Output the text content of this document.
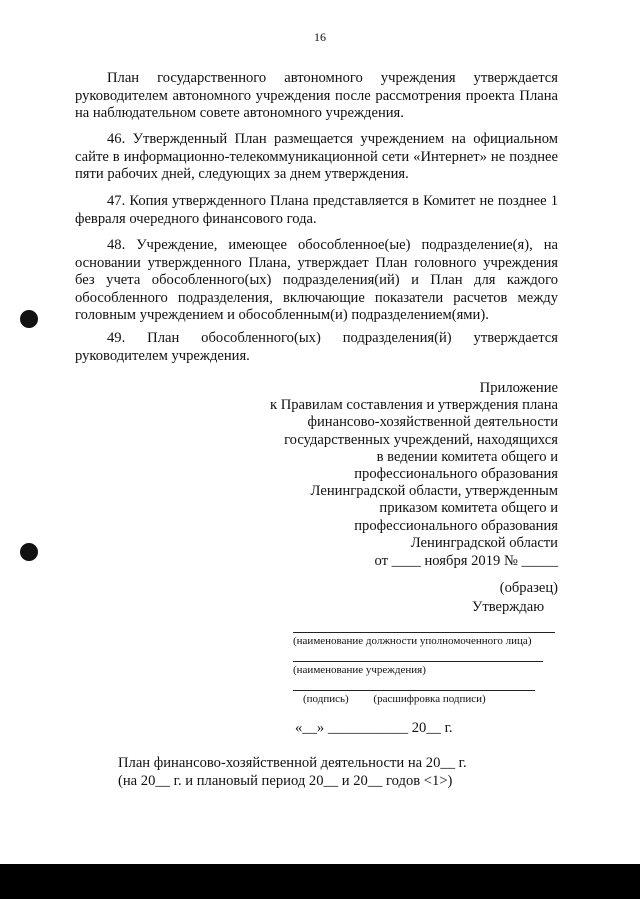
16

План государственного автономного учреждения утверждается руководителем автономного учреждения после рассмотрения проекта Плана на наблюдательном совете автономного учреждения.

46. Утвержденный План размещается учреждением на официальном сайте в информационно-телекоммуникационной сети «Интернет» не позднее пяти рабочих дней, следующих за днем утверждения.

47. Копия утвержденного Плана представляется в Комитет не позднее 1 февраля очередного финансового года.

48. Учреждение, имеющее обособленное(ые) подразделение(я), на основании утвержденного Плана, утверждает План головного учреждения без учета обособленного(ых) подразделения(ий) и План для каждого обособленного подразделения, включающие показатели расчетов между головным учреждением и обособленным(и) подразделением(ями).

49. План обособленного(ых) подразделения(й) утверждается руководителем учреждения.

Приложение
к Правилам составления и утверждения плана
финансово-хозяйственной деятельности
государственных учреждений, находящихся
в ведении комитета общего и
профессионального образования
Ленинградской области, утвержденным
приказом комитета общего и
профессионального образования
Ленинградской области
от ____ ноября 2019 № _____
(образец)
Утверждаю
(наименование должности уполномоченного лица)
(наименование учреждения)
(подпись) (расшифровка подписи)
«__» ___________ 20__ г.
План финансово-хозяйственной деятельности на 20__ г.
(на 20__ г. и плановый период 20__ и 20__ годов <1>)
